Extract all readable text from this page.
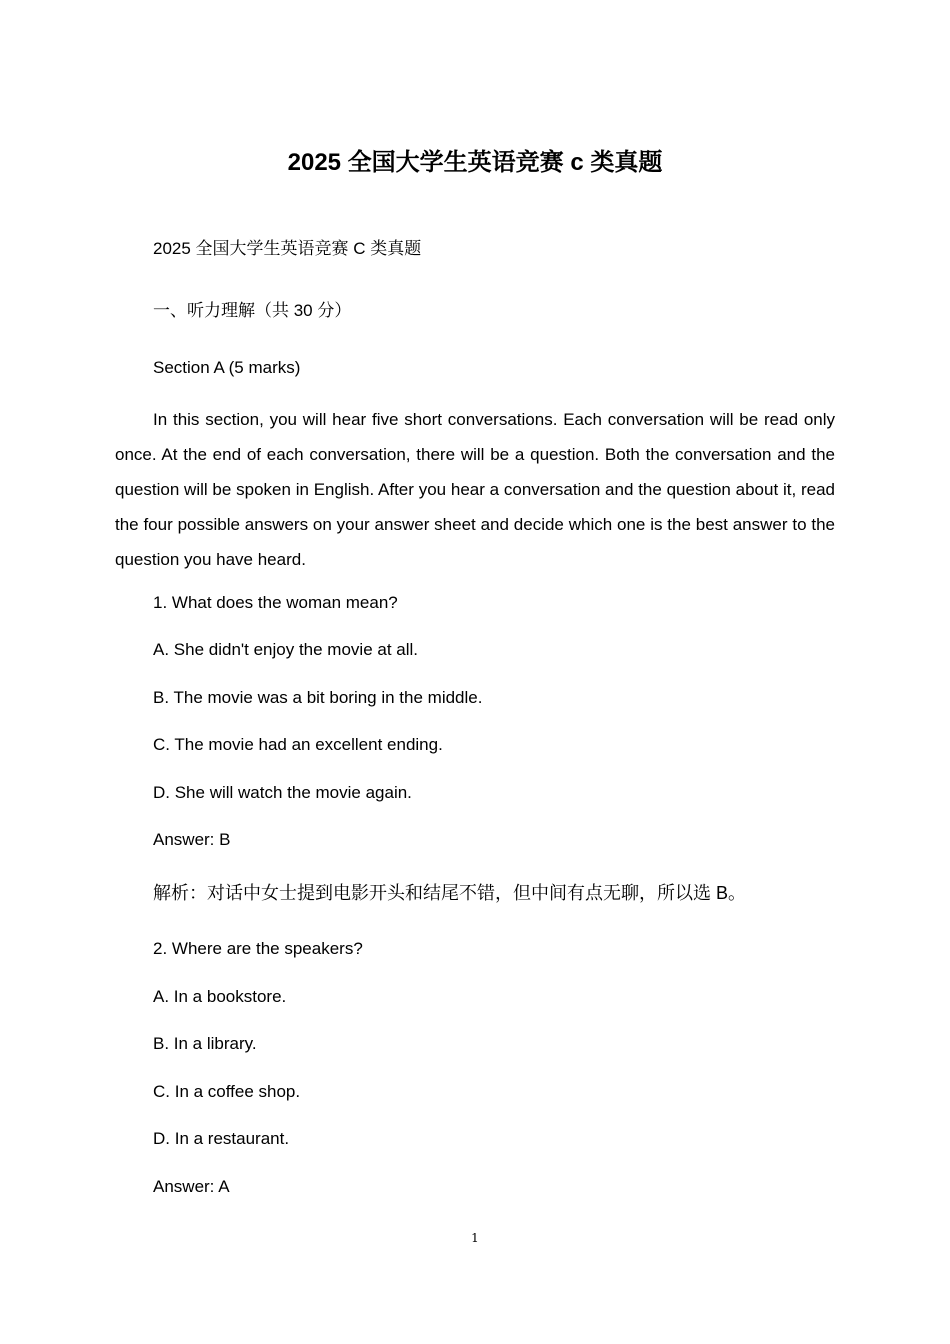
2025 全国大学生英语竞赛 c 类真题

2025 全国大学生英语竞赛 C 类真题

一、听力理解（共 30 分）

Section A (5 marks)

In this section, you will hear five short conversations. Each conversation will be read only once. At the end of each conversation, there will be a question. Both the conversation and the question will be spoken in English. After you hear a conversation and the question about it, read the four possible answers on your answer sheet and decide which one is the best answer to the question you have heard.

1. What does the woman mean?

A. She didn't enjoy the movie at all.

B. The movie was a bit boring in the middle.

C. The movie had an excellent ending.

D. She will watch the movie again.

Answer: B

解析：对话中女士提到电影开头和结尾不错，但中间有点无聊，所以选 B。

2. Where are the speakers?

A. In a bookstore.

B. In a library.

C. In a coffee shop.

D. In a restaurant.

Answer: A

1
